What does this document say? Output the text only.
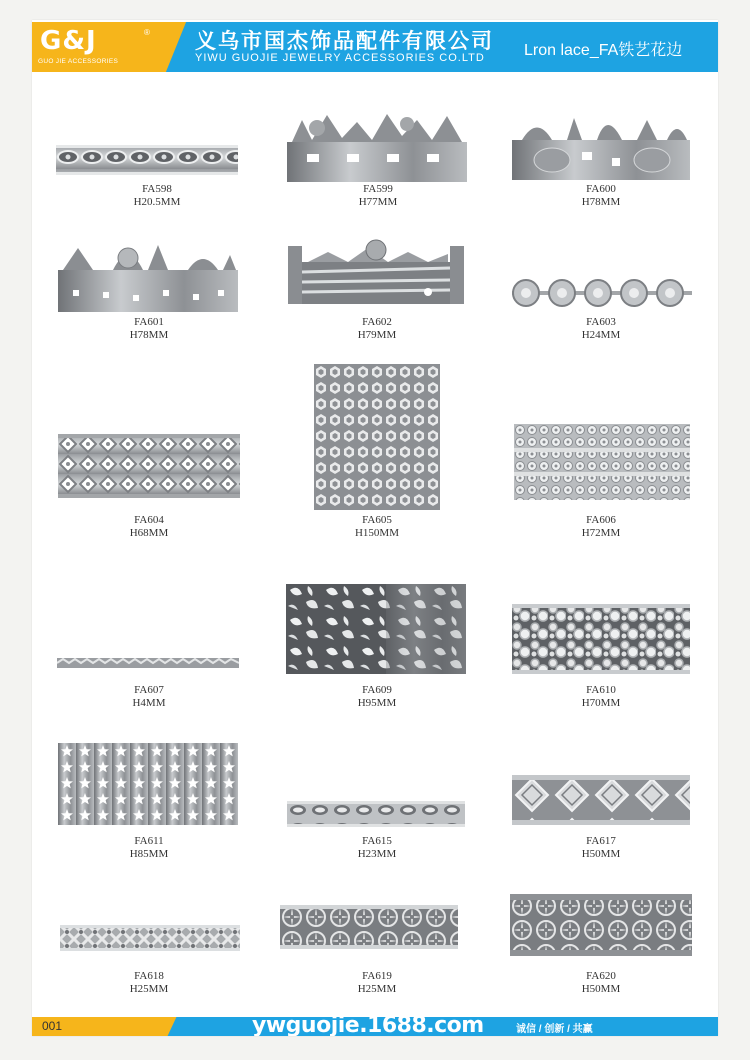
G&J	®
GUO JIE ACCESSORIES
义乌市国杰饰品配件有限公司
YIWU GUOJIE JEWELRY ACCESSORIES CO.LTD Lron lace_FA铁艺花边
FA598
H20.5MM
FA599
H77MM
FA600
H78MM
FA601
H78MM
FA602
H79MM
FA603
H24MM
FA604
H68MM
FA605
H150MM
FA606
H72MM
FA607
H4MM
FA609
H95MM
FA610
H70MM
FA611
H85MM
FA615
H23MM
FA617
H50MM
FA618
H25MM
FA619
H25MM
FA620
H50MM
001	ywguojie.1688.com	诚信 / 创新 / 共赢
